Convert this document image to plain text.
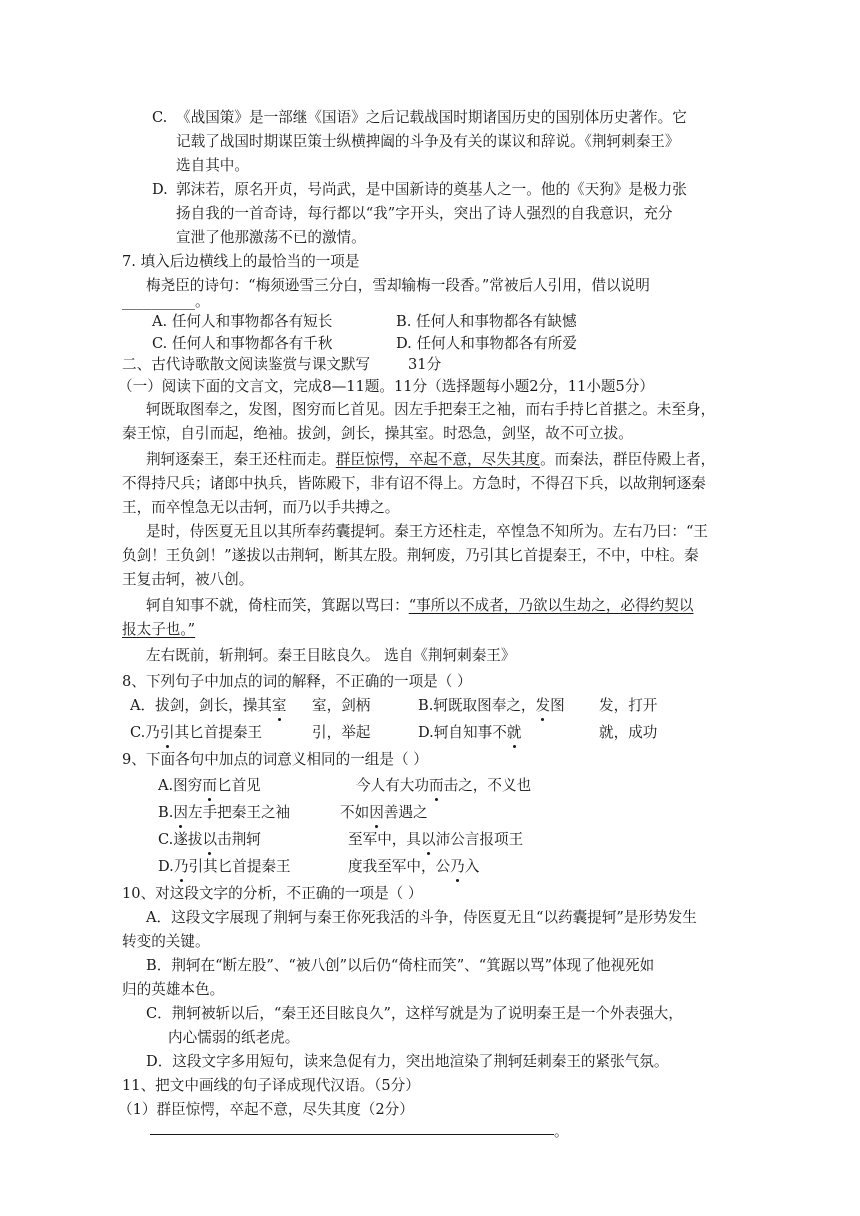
C. 《战国策》是一部继《国语》之后记载战国时期诸国历史的国别体历史著作。它
记载了战国时期谋臣策士纵横捭阖的斗争及有关的谋议和辞说。《荆轲刺秦王》
选自其中。
D. 郭沫若，原名开贞，号尚武，是中国新诗的奠基人之一。他的《天狗》是极力张
扬自我的一首奇诗，每行都以“我”字开头，突出了诗人强烈的自我意识，充分
宣泄了他那激荡不已的激情。
7. 填入后边横线上的最恰当的一项是
梅尧臣的诗句：“梅须逊雪三分白，雪却输梅一段香。”常被后人引用，借以说明
__________。
A. 任何人和事物都各有短长	B. 任何人和事物都各有缺憾
C. 任何人和事物都各有千秋	D. 任何人和事物都各有所爱
二、古代诗歌散文阅读鉴赏与课文默写	31分
（一）阅读下面的文言文，完成8—11题。11分（选择题每小题2分，11小题5分）
轲既取图奉之，发图，图穷而匕首见。因左手把秦王之袖，而右手持匕首揕之。未至身，
秦王惊，自引而起，绝袖。拔剑，剑长，操其室。时恐急，剑坚，故不可立拔。
荆轲逐秦王，秦王还柱而走。群臣惊愕，卒起不意，尽失其度。而秦法，群臣侍殿上者，
不得持尺兵；诸郎中执兵，皆陈殿下，非有诏不得上。方急时，不得召下兵，以故荆轲逐秦
王，而卒惶急无以击轲，而乃以手共搏之。
是时，侍医夏无且以其所奉药囊提轲。秦王方还柱走，卒惶急不知所为。左右乃曰：“王
负剑！王负剑！”遂拔以击荆轲，断其左股。荆轲废，乃引其匕首提秦王，不中，中柱。秦
王复击轲，被八创。
轲自知事不就，倚柱而笑，箕踞以骂曰：“事所以不成者，乃欲以生劫之，必得约契以
报太子也。”
左右既前，斩荆轲。秦王目眩良久。 选自《荆轲刺秦王》
8、下列句子中加点的词的解释，不正确的一项是（ ）
A．拔剑，剑长，操其室 室，剑柄	B.轲既取图奉之，发图 发，打开
C.乃引其匕首提秦王	引，举起	D.轲自知事不就	就，成功
9、下面各句中加点的词意义相同的一组是（ ）
A.图穷而匕首见	今人有大功而击之，不义也
B.因左手把秦王之袖	不如因善遇之
C.遂拔以击荆轲	至军中，具以沛公言报项王
D.乃引其匕首提秦王	度我至军中，公乃入
10、对这段文字的分析，不正确的一项是（ ）
A．这段文字展现了荆轲与秦王你死我活的斗争，侍医夏无且“以药囊提轲”是形势发生
转变的关键。
B．荆轲在“断左股”、“被八创”以后仍“倚柱而笑”、“箕踞以骂”体现了他视死如
归的英雄本色。
C．荆轲被斩以后，“秦王还目眩良久”，这样写就是为了说明秦王是一个外表强大，
内心懦弱的纸老虎。
D．这段文字多用短句，读来急促有力，突出地渲染了荆轲廷刺秦王的紧张气氛。
11、把文中画线的句子译成现代汉语。（5分）
（1）群臣惊愕，卒起不意，尽失其度（2分）
。
